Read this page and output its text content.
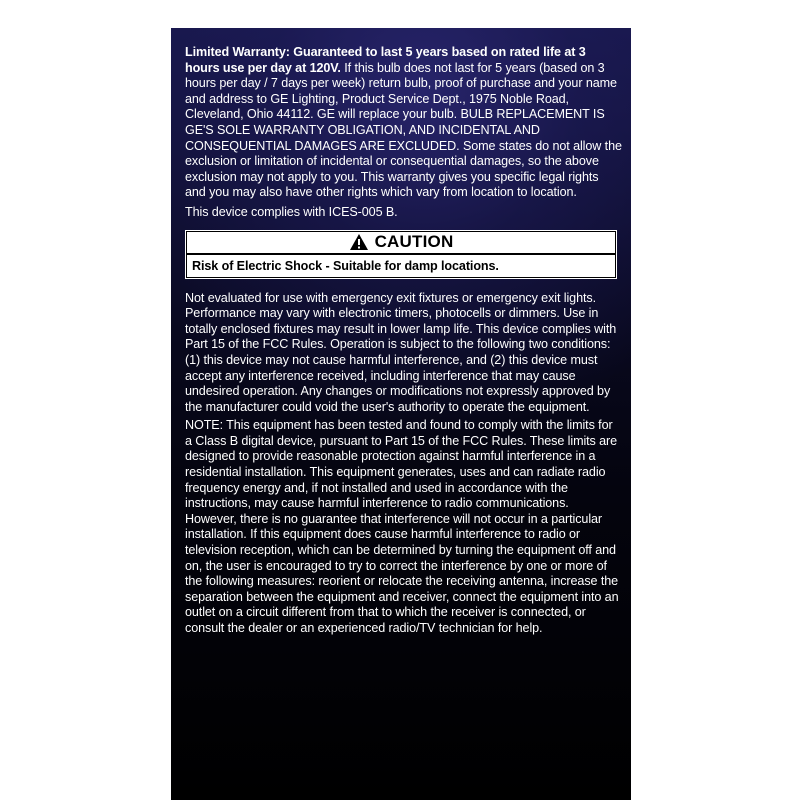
Limited Warranty: Guaranteed to last 5 years based on rated life at 3 hours use per day at 120V. If this bulb does not last for 5 years (based on 3 hours per day / 7 days per week) return bulb, proof of purchase and your name and address to GE Lighting, Product Service Dept., 1975 Noble Road, Cleveland, Ohio 44112. GE will replace your bulb. BULB REPLACEMENT IS GE'S SOLE WARRANTY OBLIGATION, AND INCIDENTAL AND CONSEQUENTIAL DAMAGES ARE EXCLUDED. Some states do not allow the exclusion or limitation of incidental or consequential damages, so the above exclusion may not apply to you. This warranty gives you specific legal rights and you may also have other rights which vary from location to location.

This device complies with ICES-005 B.

CAUTION
Risk of Electric Shock - Suitable for damp locations.

Not evaluated for use with emergency exit fixtures or emergency exit lights. Performance may vary with electronic timers, photocells or dimmers. Use in totally enclosed fixtures may result in lower lamp life. This device complies with Part 15 of the FCC Rules. Operation is subject to the following two conditions: (1) this device may not cause harmful interference, and (2) this device must accept any interference received, including interference that may cause undesired operation. Any changes or modifications not expressly approved by the manufacturer could void the user's authority to operate the equipment.

NOTE: This equipment has been tested and found to comply with the limits for a Class B digital device, pursuant to Part 15 of the FCC Rules. These limits are designed to provide reasonable protection against harmful interference in a residential installation. This equipment generates, uses and can radiate radio frequency energy and, if not installed and used in accordance with the instructions, may cause harmful interference to radio communications. However, there is no guarantee that interference will not occur in a particular installation. If this equipment does cause harmful interference to radio or television reception, which can be determined by turning the equipment off and on, the user is encouraged to try to correct the interference by one or more of the following measures: reorient or relocate the receiving antenna, increase the separation between the equipment and receiver, connect the equipment into an outlet on a circuit different from that to which the receiver is connected, or consult the dealer or an experienced radio/TV technician for help.
